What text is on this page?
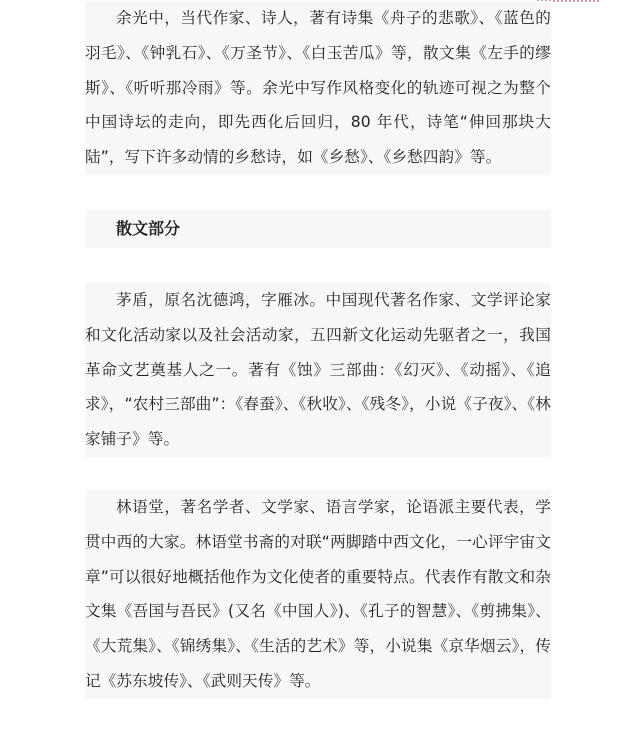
余光中，当代作家、诗人，著有诗集《舟子的悲歌》、《蓝色的羽毛》、《钟乳石》、《万圣节》、《白玉苦瓜》等，散文集《左手的缪斯》、《听听那冷雨》等。余光中写作风格变化的轨迹可视之为整个中国诗坛的走向，即先西化后回归，80 年代，诗笔“伸回那块大陆”，写下许多动情的乡愁诗，如《乡愁》、《乡愁四韵》等。

散文部分

茅盾，原名沈德鸿，字雁冰。中国现代著名作家、文学评论家和文化活动家以及社会活动家，五四新文化运动先驱者之一，我国革命文艺奠基人之一。著有《蚀》三部曲：《幻灭》、《动摇》、《追求》，“农村三部曲”：《春蚕》、《秋收》、《残冬》，小说《子夜》、《林家铺子》等。

林语堂，著名学者、文学家、语言学家，论语派主要代表，学贯中西的大家。林语堂书斋的对联“两脚踏中西文化，一心评宇宙文章”可以很好地概括他作为文化使者的重要特点。代表作有散文和杂文集《吾国与吾民》(又名《中国人》)、《孔子的智慧》、《剪拂集》、《大荒集》、《锦绣集》、《生活的艺术》等，小说集《京华烟云》，传记《苏东坡传》、《武则天传》等。
